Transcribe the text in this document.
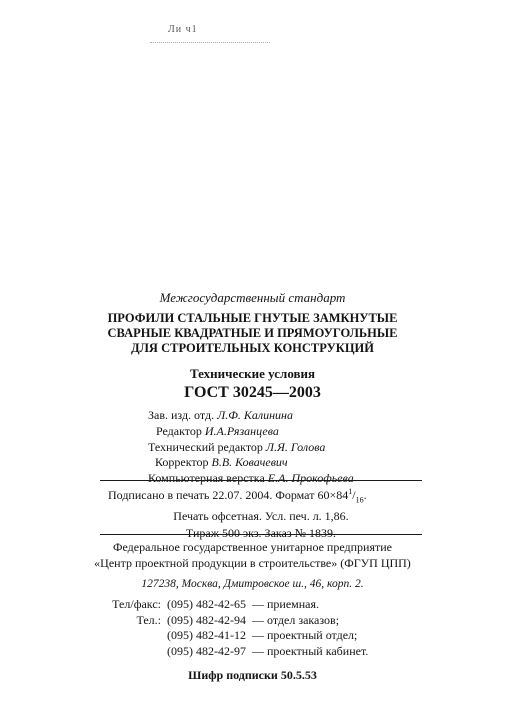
Ли ч1
Межгосударственный стандарт
ПРОФИЛИ СТАЛЬНЫЕ ГНУТЫЕ ЗАМКНУТЫЕ
СВАРНЫЕ КВАДРАТНЫЕ И ПРЯМОУГОЛЬНЫЕ
ДЛЯ СТРОИТЕЛЬНЫХ КОНСТРУКЦИЙ
Технические условия
ГОСТ 30245—2003
Зав. изд. отд. Л.Ф. Калинина
Редактор И.А.Рязанцева
Технический редактор Л.Я. Голова
Корректор В.В. Ковачевич
Компьютерная верстка Е.А. Прокофьева
Подписано в печать 22.07. 2004. Формат $60\times 84^1/_{16}$.
Печать офсетная. Усл. печ. л. 1,86.
Тираж 500 экз. Заказ № 1839.
Федеральное государственное унитарное предприятие
«Центр проектной продукции в строительстве» (ФГУП ЦПП)
127238, Москва, Дмитровское ш., 46, корп. 2.
Тел/факс:	(095) 482-42-65	— приемная.
Тел.:	(095) 482-42-94	— отдел заказов;
	(095) 482-41-12	— проектный отдел;
	(095) 482-42-97	— проектный кабинет.
Шифр подписки 50.5.53
